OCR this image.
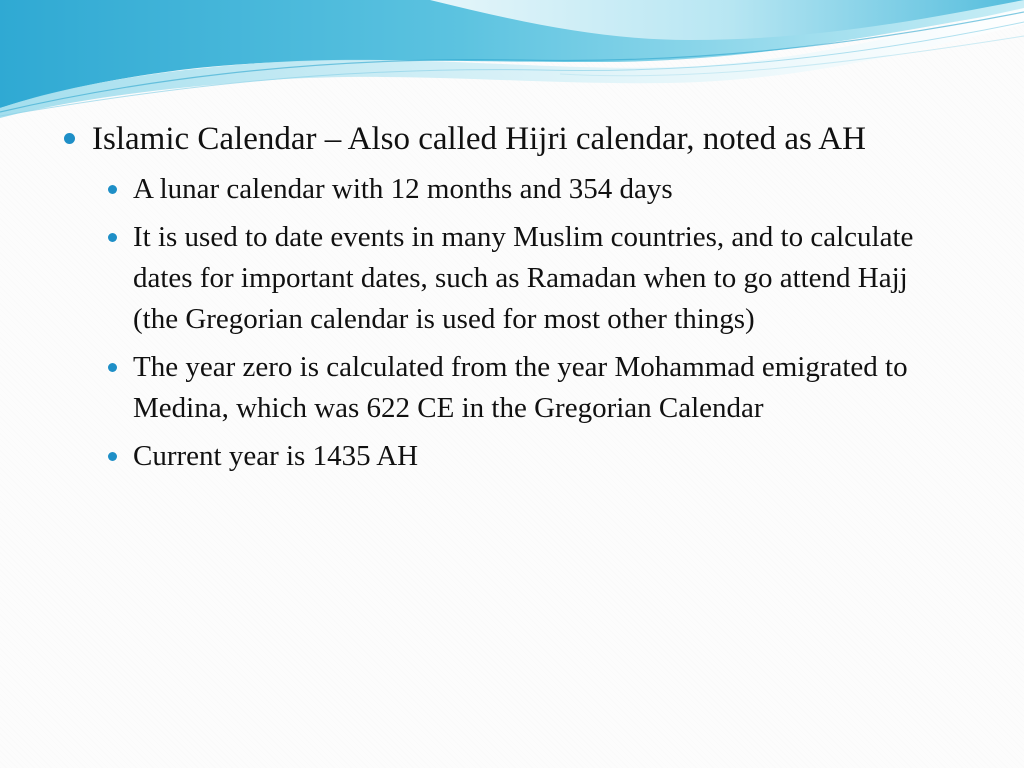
Islamic Calendar – Also called Hijri calendar, noted as AH

A lunar calendar with 12 months and 354 days
It is used to date events in many Muslim countries, and to calculate dates for important dates, such as Ramadan when to go attend Hajj (the Gregorian calendar is used for most other things)
The year zero is calculated from the year Mohammad emigrated to Medina, which was 622 CE in the Gregorian Calendar
Current year is 1435 AH
